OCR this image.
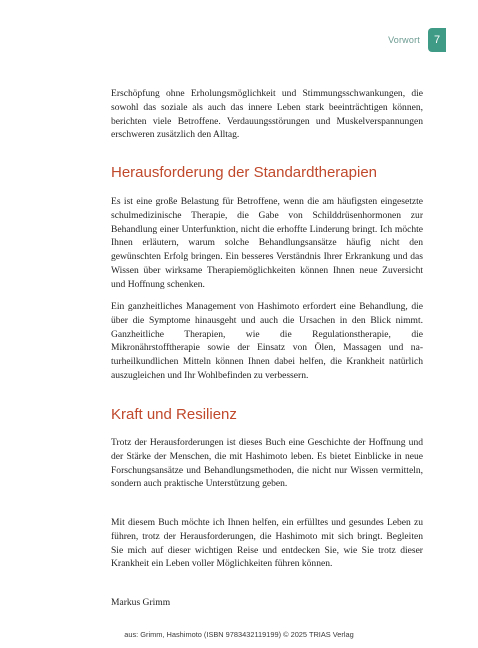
Vorwort	7

Erschöpfung ohne Erholungsmöglichkeit und Stimmungsschwankungen, die sowohl das soziale als auch das innere Leben stark beeinträchtigen können, berichten viele Betroffene. Verdauungsstörungen und Muskelverspannungen erschweren zusätzlich den Alltag.

Herausforderung der Standardtherapien

Es ist eine große Belastung für Betroffene, wenn die am häufigsten eingesetzte schulmedizinische Therapie, die Gabe von Schilddrüsenhormonen zur Behandlung einer Unterfunktion, nicht die erhoffte Linderung bringt. Ich möchte Ihnen erläutern, warum solche Behandlungsansätze häufig nicht den gewünschten Erfolg bringen. Ein besseres Verständnis Ihrer Erkrankung und das Wissen über wirksame Therapiemöglichkeiten können Ihnen neue Zuversicht und Hoffnung schenken.

Ein ganzheitliches Management von Hashimoto erfordert eine Behandlung, die über die Symptome hinausgeht und auch die Ursachen in den Blick nimmt. Ganzheitliche Therapien, wie die Regulationstherapie, die Mikronährstofftherapie sowie der Einsatz von Ölen, Massagen und naturheilkundlichen Mitteln können Ihnen dabei helfen, die Krankheit natürlich auszugleichen und Ihr Wohlbefinden zu verbessern.

Kraft und Resilienz

Trotz der Herausforderungen ist dieses Buch eine Geschichte der Hoffnung und der Stärke der Menschen, die mit Hashimoto leben. Es bietet Einblicke in neue Forschungsansätze und Behandlungsmethoden, die nicht nur Wissen vermitteln, sondern auch praktische Unterstützung geben.

Mit diesem Buch möchte ich Ihnen helfen, ein erfülltes und gesundes Leben zu führen, trotz der Herausforderungen, die Hashimoto mit sich bringt. Begleiten Sie mich auf dieser wichtigen Reise und entdecken Sie, wie Sie trotz dieser Krankheit ein Leben voller Möglichkeiten führen können.

Markus Grimm

aus: Grimm, Hashimoto (ISBN 9783432119199) © 2025 TRIAS Verlag
